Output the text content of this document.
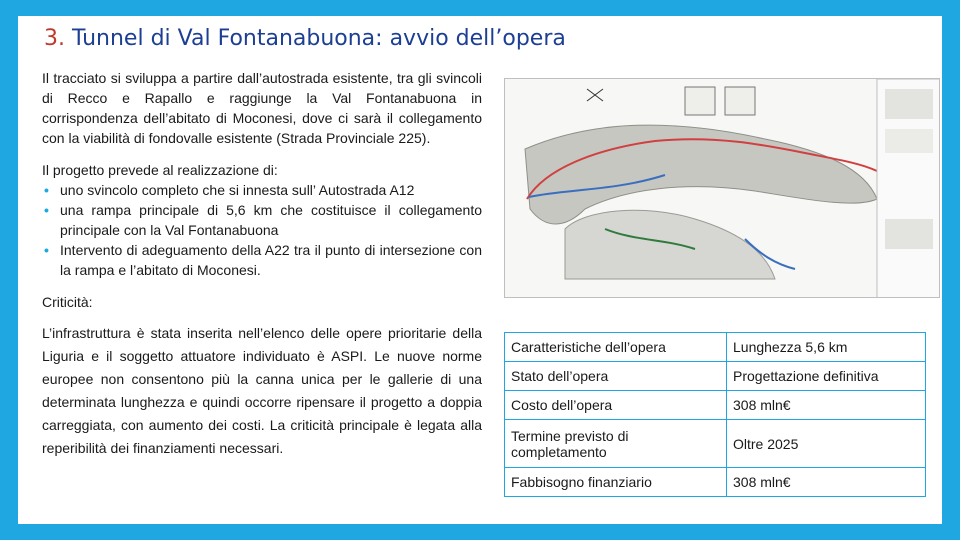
3. Tunnel di Val Fontanabuona: avvio dell’opera

Il tracciato si sviluppa a partire dall’autostrada esistente, tra gli svincoli di Recco e Rapallo e raggiunge la Val Fontanabuona in corrispondenza dell’abitato di Moconesi, dove ci sarà il collegamento con la viabilità di fondovalle esistente (Strada Provinciale 225).

Il progetto prevede al realizzazione di:

• uno svincolo completo che si innesta sull’ Autostrada A12
• una rampa principale di 5,6 km che costituisce il collegamento principale con la Val Fontanabuona
• Intervento di adeguamento della A22 tra il punto di intersezione con la rampa e l’abitato di Moconesi.

Criticità:

L’infrastruttura è stata inserita nell’elenco delle opere prioritarie della Liguria e il soggetto attuatore individuato è ASPI. Le nuove norme europee non consentono più la canna unica per le gallerie di una determinata lunghezza e quindi occorre ripensare il progetto a doppia carreggiata, con aumento dei costi. La criticità principale è legata alla reperibilità dei finanziamenti necessari.

Caratteristiche dell’opera	Lunghezza 5,6 km
Stato dell’opera	Progettazione definitiva
Costo dell’opera	308 mln€
Termine previsto di completamento	Oltre 2025
Fabbisogno finanziario	308 mln€
